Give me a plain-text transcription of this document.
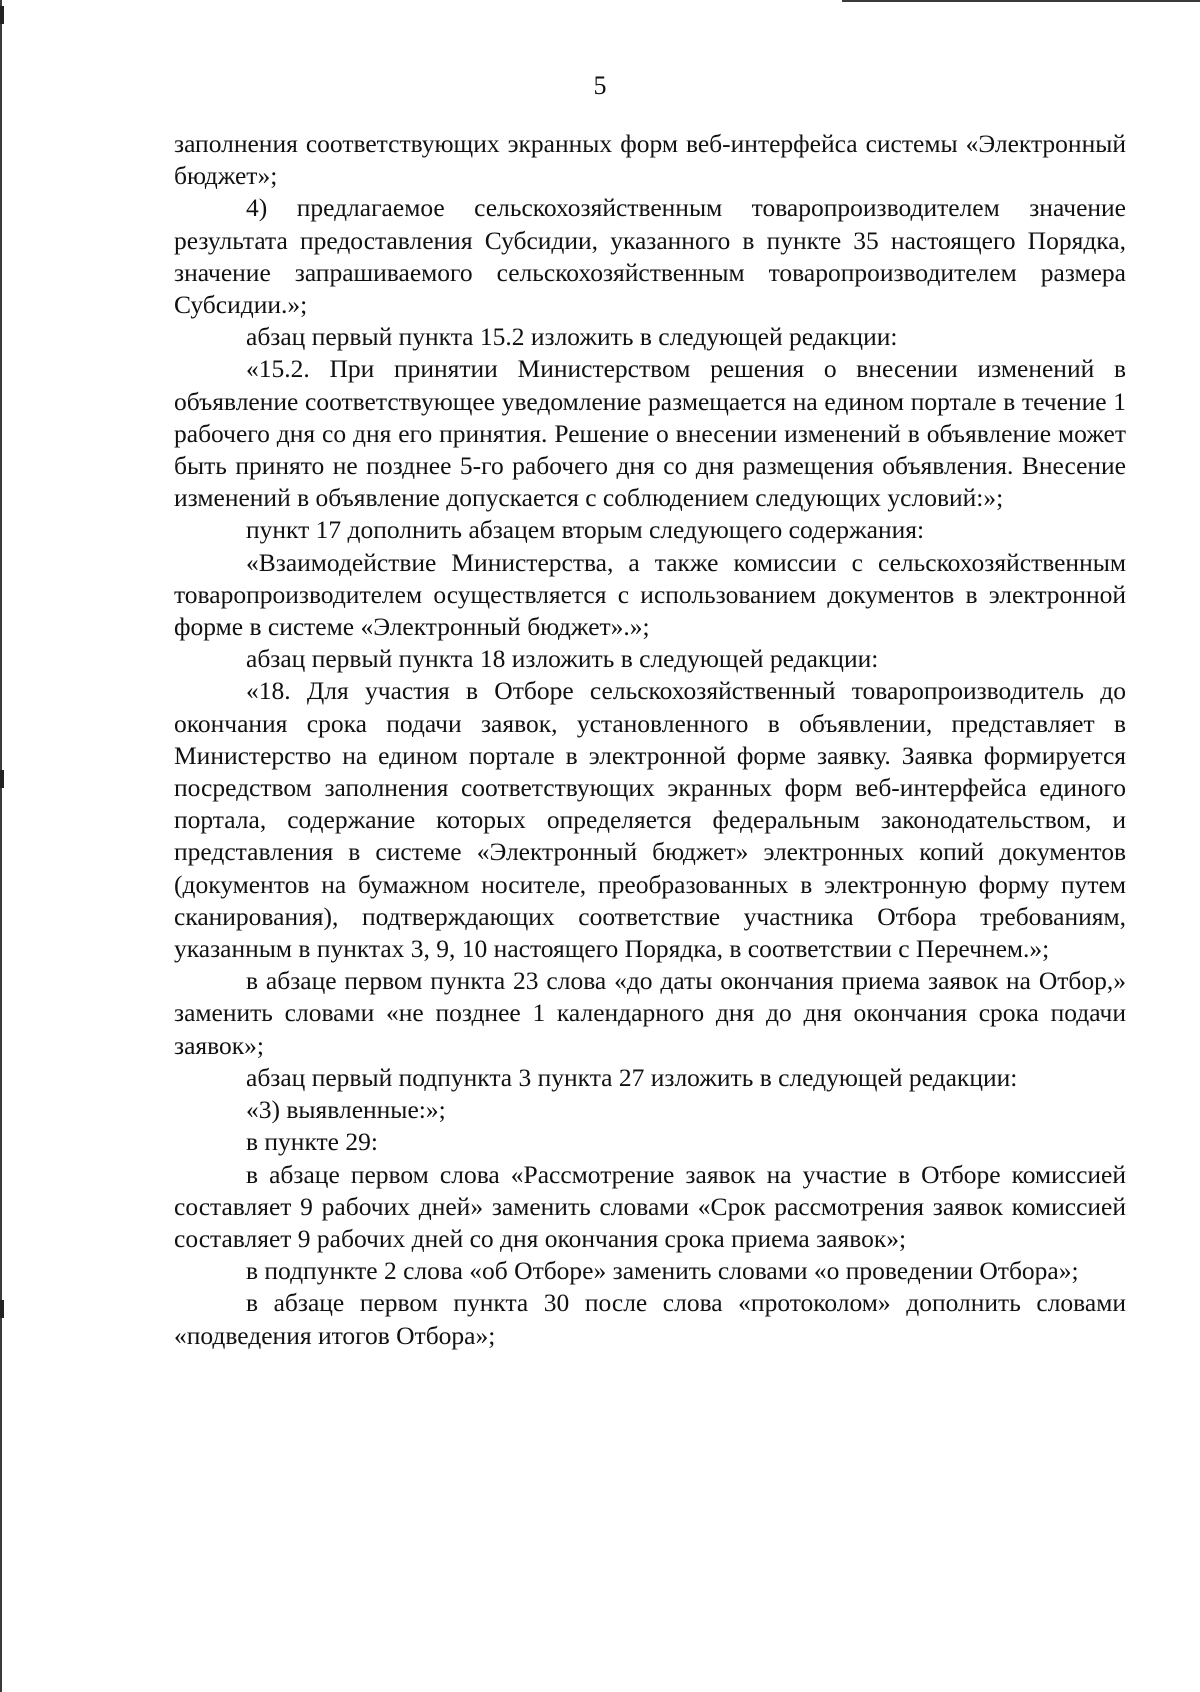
5

заполнения соответствующих экранных форм веб-интерфейса системы «Электронный бюджет»;

4) предлагаемое сельскохозяйственным товаропроизводителем значение результата предоставления Субсидии, указанного в пункте 35 настоящего Порядка, значение запрашиваемого сельскохозяйственным товаропроизводителем размера Субсидии.»;

абзац первый пункта 15.2 изложить в следующей редакции:

«15.2. При принятии Министерством решения о внесении изменений в объявление соответствующее уведомление размещается на едином портале в течение 1 рабочего дня со дня его принятия. Решение о внесении изменений в объявление может быть принято не позднее 5-го рабочего дня со дня размещения объявления. Внесение изменений в объявление допускается с соблюдением следующих условий:»;

пункт 17 дополнить абзацем вторым следующего содержания:

«Взаимодействие Министерства, а также комиссии с сельскохозяйственным товаропроизводителем осуществляется с использованием документов в электронной форме в системе «Электронный бюджет».»;

абзац первый пункта 18 изложить в следующей редакции:

«18. Для участия в Отборе сельскохозяйственный товаропроизводитель до окончания срока подачи заявок, установленного в объявлении, представляет в Министерство на едином портале в электронной форме заявку. Заявка формируется посредством заполнения соответствующих экранных форм веб-интерфейса единого портала, содержание которых определяется федеральным законодательством, и представления в системе «Электронный бюджет» электронных копий документов (документов на бумажном носителе, преобразованных в электронную форму путем сканирования), подтверждающих соответствие участника Отбора требованиям, указанным в пунктах 3, 9, 10 настоящего Порядка, в соответствии с Перечнем.»;

в абзаце первом пункта 23 слова «до даты окончания приема заявок на Отбор,» заменить словами «не позднее 1 календарного дня до дня окончания срока подачи заявок»;

абзац первый подпункта 3 пункта 27 изложить в следующей редакции:

«3) выявленные:»;

в пункте 29:

в абзаце первом слова «Рассмотрение заявок на участие в Отборе комиссией составляет 9 рабочих дней» заменить словами «Срок рассмотрения заявок комиссией составляет 9 рабочих дней со дня окончания срока приема заявок»;

в подпункте 2 слова «об Отборе» заменить словами «о проведении Отбора»;

в абзаце первом пункта 30 после слова «протоколом» дополнить словами «подведения итогов Отбора»;
